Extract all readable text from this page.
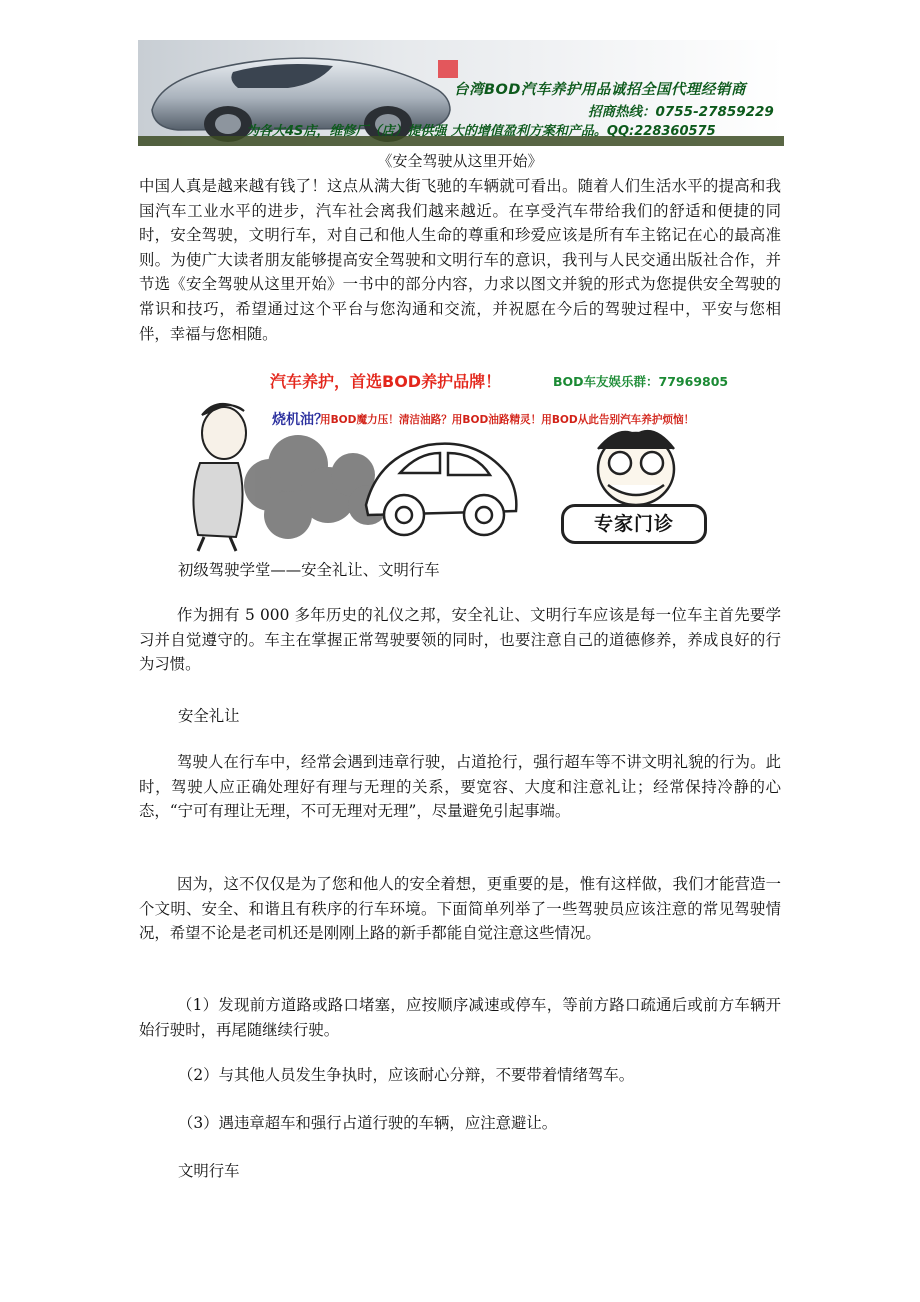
台湾BOD汽车养护用品诚招全国代理经销商
招商热线：0755-27859229
为各大4S店，维修厂（店）提供强 大的增值盈利方案和产品。QQ:228360575
《安全驾驶从这里开始》
中国人真是越来越有钱了！这点从满大街飞驰的车辆就可看出。随着人们生活水平的提高和我国汽车工业水平的进步，汽车社会离我们越来越近。在享受汽车带给我们的舒适和便捷的同时，安全驾驶，文明行车，对自己和他人生命的尊重和珍爱应该是所有车主铭记在心的最高准则。为使广大读者朋友能够提高安全驾驶和文明行车的意识，我刊与人民交通出版社合作，并节选《安全驾驶从这里开始》一书中的部分内容，力求以图文并貌的形式为您提供安全驾驶的常识和技巧，希望通过这个平台与您沟通和交流，并祝愿在今后的驾驶过程中，平安与您相伴，幸福与您相随。
汽车养护，首选BOD养护品牌！	BOD车友娱乐群：77969805
烧机油？
用BOD魔力压！清洁油路？用BOD油路精灵！用BOD从此告别汽车养护烦恼！
专家门诊
初级驾驶学堂——安全礼让、文明行车
作为拥有 5 000 多年历史的礼仪之邦，安全礼让、文明行车应该是每一位车主首先要学习并自觉遵守的。车主在掌握正常驾驶要领的同时，也要注意自己的道德修养，养成良好的行为习惯。
安全礼让
驾驶人在行车中，经常会遇到违章行驶，占道抢行，强行超车等不讲文明礼貌的行为。此时，驾驶人应正确处理好有理与无理的关系，要宽容、大度和注意礼让；经常保持冷静的心态，“宁可有理让无理，不可无理对无理”，尽量避免引起事端。
因为，这不仅仅是为了您和他人的安全着想，更重要的是，惟有这样做，我们才能营造一个文明、安全、和谐且有秩序的行车环境。下面简单列举了一些驾驶员应该注意的常见驾驶情况，希望不论是老司机还是刚刚上路的新手都能自觉注意这些情况。
（1）发现前方道路或路口堵塞，应按顺序减速或停车，等前方路口疏通后或前方车辆开始行驶时，再尾随继续行驶。
（2）与其他人员发生争执时，应该耐心分辩，不要带着情绪驾车。
（3）遇违章超车和强行占道行驶的车辆，应注意避让。
文明行车
